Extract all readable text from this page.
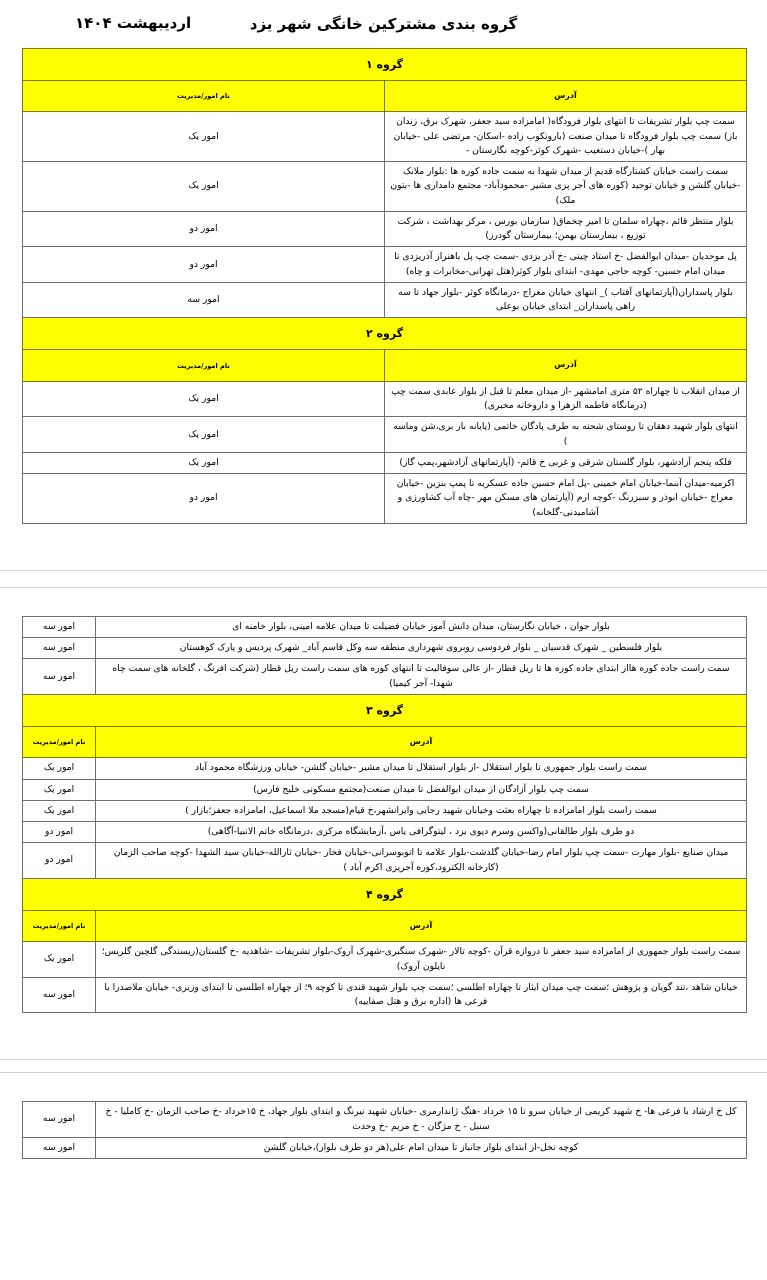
اردیبهشت ۱۴۰۴	گروه بندی مشترکین خانگی شهر یزد
گروه ۱	
آدرس	نام امور/مدیریت
سمت چپ بلوار تشریفات تا انتهای بلوار فرودگاه( امامزاده سید جعفر، شهرک برق، زندان باز) سمت چپ بلوار فرودگاه تا میدان صنعت (باروتکوب زاده -اسکان- مرتضی علی -خیابان بهار )-خیابان دستغیب -شهرک کوثر-کوچه نگارستان -	امور یک
سمت راست خیابان کشتارگاه قدیم از میدان شهدا به سمت جاده کوره ها :بلوار ملانک -خیابان گلشن و خیابان توحید (کوره های آجر پزی مشیر -محمودآباد- مجتمع دامداری ها -بتون ملک)	امور یک
بلوار منتظر قائم ،چهاراه سلمان تا امیر چخماق( سازمان بورس ، مرکز بهداشت ، شرکت توزیع ، بیمارستان بهمن؛ بیمارستان گودرز)	امور دو
پل موحدیان -میدان ابوالفضل -خ استاد چیتی -خ آذر یزدی -سمت چپ پل باهنراز آذریزدی تا میدان امام حسین- کوچه حاجی مهدی- ابتدای بلوار کوثر(هتل تهرانی-مخابرات و چاه)	امور دو
بلوار پاسداران(آپارتمانهای آفتاب )_ انتهای خیابان معراج -درمانگاه کوثر -بلوار جهاد تا سه راهی پاسداران_ ابتدای خیابان بوعلی	امور سه
گروه ۲	
آدرس	نام امور/مدیریت
از میدان انقلاب تا چهاراه ۵۲ متری امامشهر -از میدان معلم تا قبل از بلوار عابدی سمت چپ (درمانگاه فاطمه الزهرا و داروخانه مخبری)	امور یک
انتهای بلوار شهید دهقان تا روستای شحنه به طرف پادگان خاتمی (پایانه بار بری،شن وماسه )	امور یک
فلکه پنجم آزادشهر، بلوار گلستان شرقی و غربی خ قائم- (آپارتمانهای آزادشهر،پمپ گاز)	امور یک
اکرمیه-میدان آبنما-خیابان امام خمینی -پل امام حسین جاده عسکریه تا پمپ بنزین -خیابان معراج -خیابان ابوذر و سبزرنگ -کوچه ارم (آپارتمان های مسکن مهر -چاه آب کشاورزی و آشامیدنی-گلخانه)	امور دو
بلوار جوان ، خیابان نگارستان، میدان دانش آموز خیابان فضیلت تا میدان علامه امینی، بلوار خامنه ای	امور سه
بلوار فلسطین _ شهرک قدسیان _ بلوار فردوسی روبروی شهرداری منطقه سه وکل قاسم آباد_ شهرک پردیس و پارک کوهستان	امور سه
سمت راست جاده کوره هااز ابتدای جاده کوره ها تا ریل قطار -از عالی سوفالیت تا انتهای کوره های سمت راست ریل قطار (شرکت افرنگ ، گلخانه های سمت چاه شهدا- آجر کیمیا)	امور سه
گروه ۳	
آدرس	نام امور/مدیریت
سمت راست بلوار جمهوری تا بلوار استقلال -از بلوار استقلال تا میدان مشیر -خیابان گلشن- خیابان ورزشگاه محمود آباد	امور یک
سمت چپ بلوار آزادگان از میدان ابوالفضل تا میدان صنعت(مجتمع مسکونی خلیج فارس)	امور یک
سمت راست بلوار امامزاده تا چهاراه بعثت وخیابان شهید رجایی وایرانشهر،خ قیام(مسجد ملا اسماعیل، امامزاده جعفر؛بازار )	امور یک
دو طرف بلوار طالقانی(واکسن وسرم دپوی یزد ، لیتوگرافی یاس ،آزمایشگاه مرکزی ،درمانگاه خاتم الانبیا-آگاهی)	امور دو
میدان صنایع -بلوار مهارت -سمت چپ بلوار امام رضا-خیابان گلدشت-بلوار علامه تا اتوبوسرانی-خیابان فخار -خیابان ثارالله-خیابان سید الشهدا -کوچه صاحب الزمان (کارخانه الکترود،کوره آجرپزی اکرم آباد )	امور دو
گروه ۴	
آدرس	نام امور/مدیریت
سمت راست بلوار جمهوری از امامزاده سید جعفر تا دروازه قرآن -کوچه تالار -شهرک سنگبری-شهرک آروک-بلوار تشریفات -شاهدیه -خ گلستان(ریسندگی گلچین گلریس؛نایلون آروک)	امور یک
خیابان شاهد ،تند گویان و پژوهش ؛سمت چپ میدان ایثار تا چهاراه اطلسی ؛سمت چپ بلوار شهید قندی تا کوچه ۹؛ از چهاراه اطلسی تا ابتدای وزیری- خیابان ملاصدرا با فرعی ها (اداره برق و هتل صفاییه)	امور سه
کل خ ارشاد با فرعی ها- خ شهید کریمی از خیابان سرو تا ۱۵ خرداد -هنگ ژاندارمری -خیابان شهید نیرنگ و ابتدای بلوار جهاد، خ ۱۵خرداد -خ صاحب الزمان -خ کاملیا - خ سنبل - خ مژگان - خ مریم -خ وحدت	امور سه
کوچه نخل-از ابتدای بلوار جانباز تا میدان امام علی(هر دو طرف بلوار)،خیابان گلشن	امور سه
